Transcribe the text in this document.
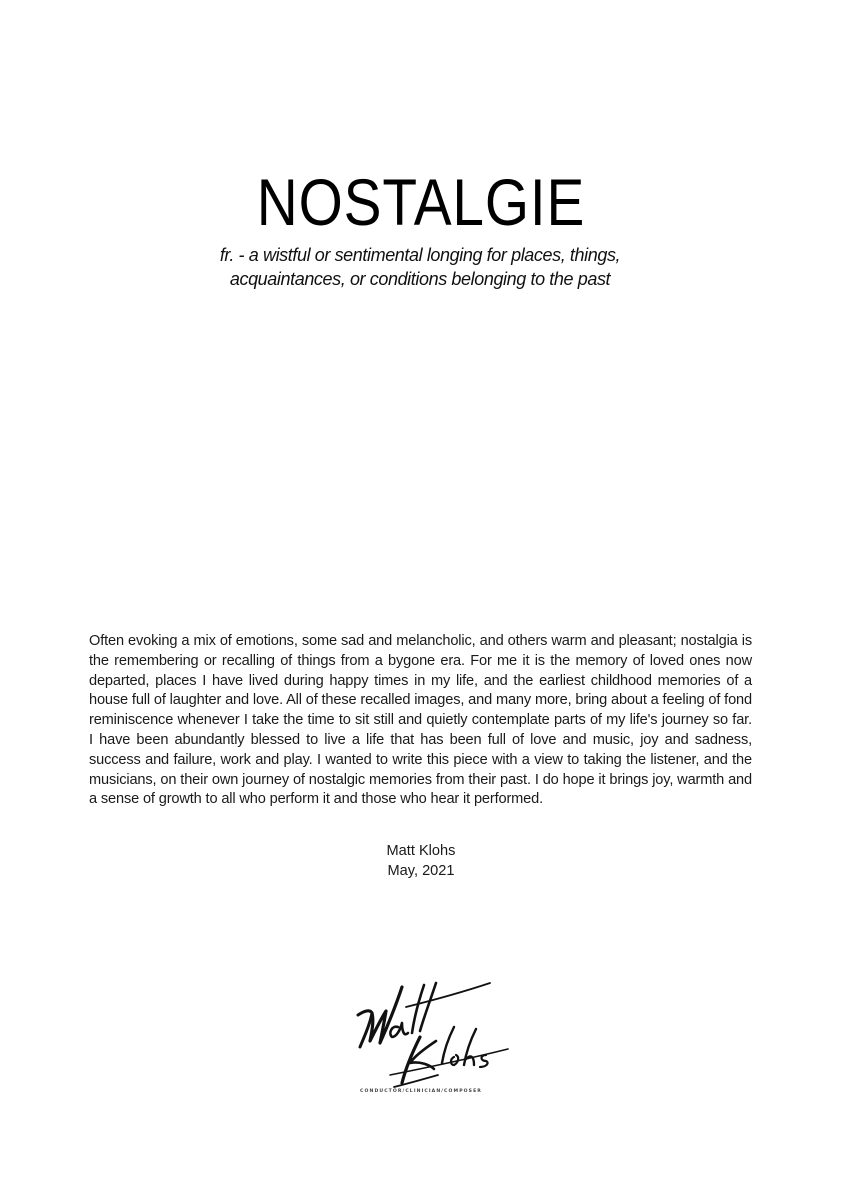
NOSTALGIE

fr. - a wistful or sentimental longing for places, things,
acquaintances, or conditions belonging to the past

Often evoking a mix of emotions, some sad and melancholic, and others warm and pleasant; nostalgia is the remembering or recalling of things from a bygone era. For me it is the memory of loved ones now departed, places I have lived during happy times in my life, and the earliest childhood memories of a house full of laughter and love. All of these recalled images, and many more, bring about a feeling of fond reminiscence whenever I take the time to sit still and quietly contemplate parts of my life's journey so far. I have been abundantly blessed to live a life that has been full of love and music, joy and sadness, success and failure, work and play. I wanted to write this piece with a view to taking the listener, and the musicians, on their own journey of nostalgic memories from their past. I do hope it brings joy, warmth and a sense of growth to all who perform it and those who hear it performed.

Matt Klohs
May, 2021
CONDUCTOR/CLINICIAN/COMPOSER
